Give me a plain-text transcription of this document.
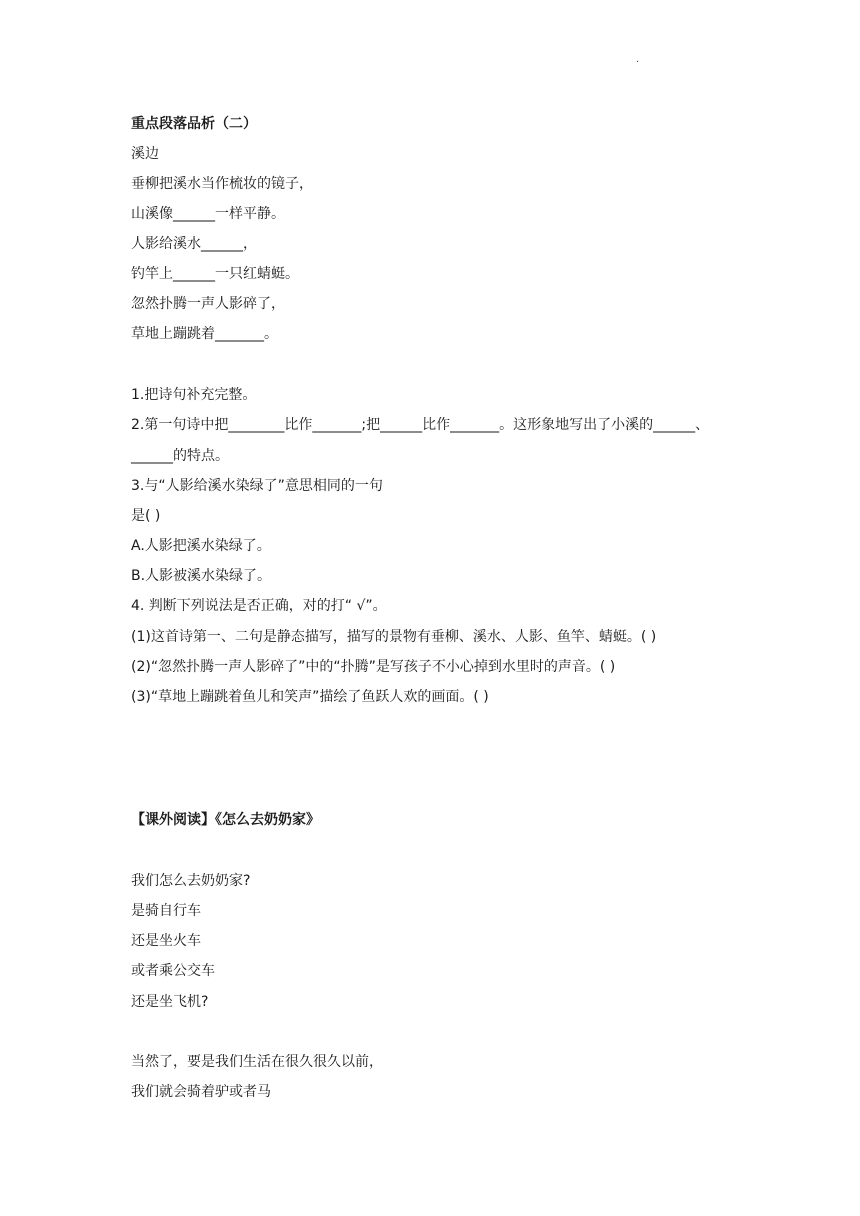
.
重点段落品析（二）
溪边
垂柳把溪水当作梳妆的镜子，
山溪像______一样平静。
人影给溪水______，
钓竿上______一只红蜻蜓。
忽然扑腾一声人影碎了，
草地上蹦跳着_______。
1.把诗句补充完整。
2.第一句诗中把________比作_______;把______比作_______。这形象地写出了小溪的______、
______的特点。
3.与“人影给溪水染绿了”意思相同的一句
是( )
A.人影把溪水染绿了。
B.人影被溪水染绿了。
4. 判断下列说法是否正确，对的打“ √”。
(1)这首诗第一、二句是静态描写，描写的景物有垂柳、溪水、人影、鱼竿、蜻蜓。( )
(2)“忽然扑腾一声人影碎了”中的“扑腾”是写孩子不小心掉到水里时的声音。( )
(3)“草地上蹦跳着鱼儿和笑声”描绘了鱼跃人欢的画面。( )
【课外阅读】《怎么去奶奶家》
我们怎么去奶奶家?
是骑自行车
还是坐火车
或者乘公交车
还是坐飞机?
当然了，要是我们生活在很久很久以前，
我们就会骑着驴或者马
